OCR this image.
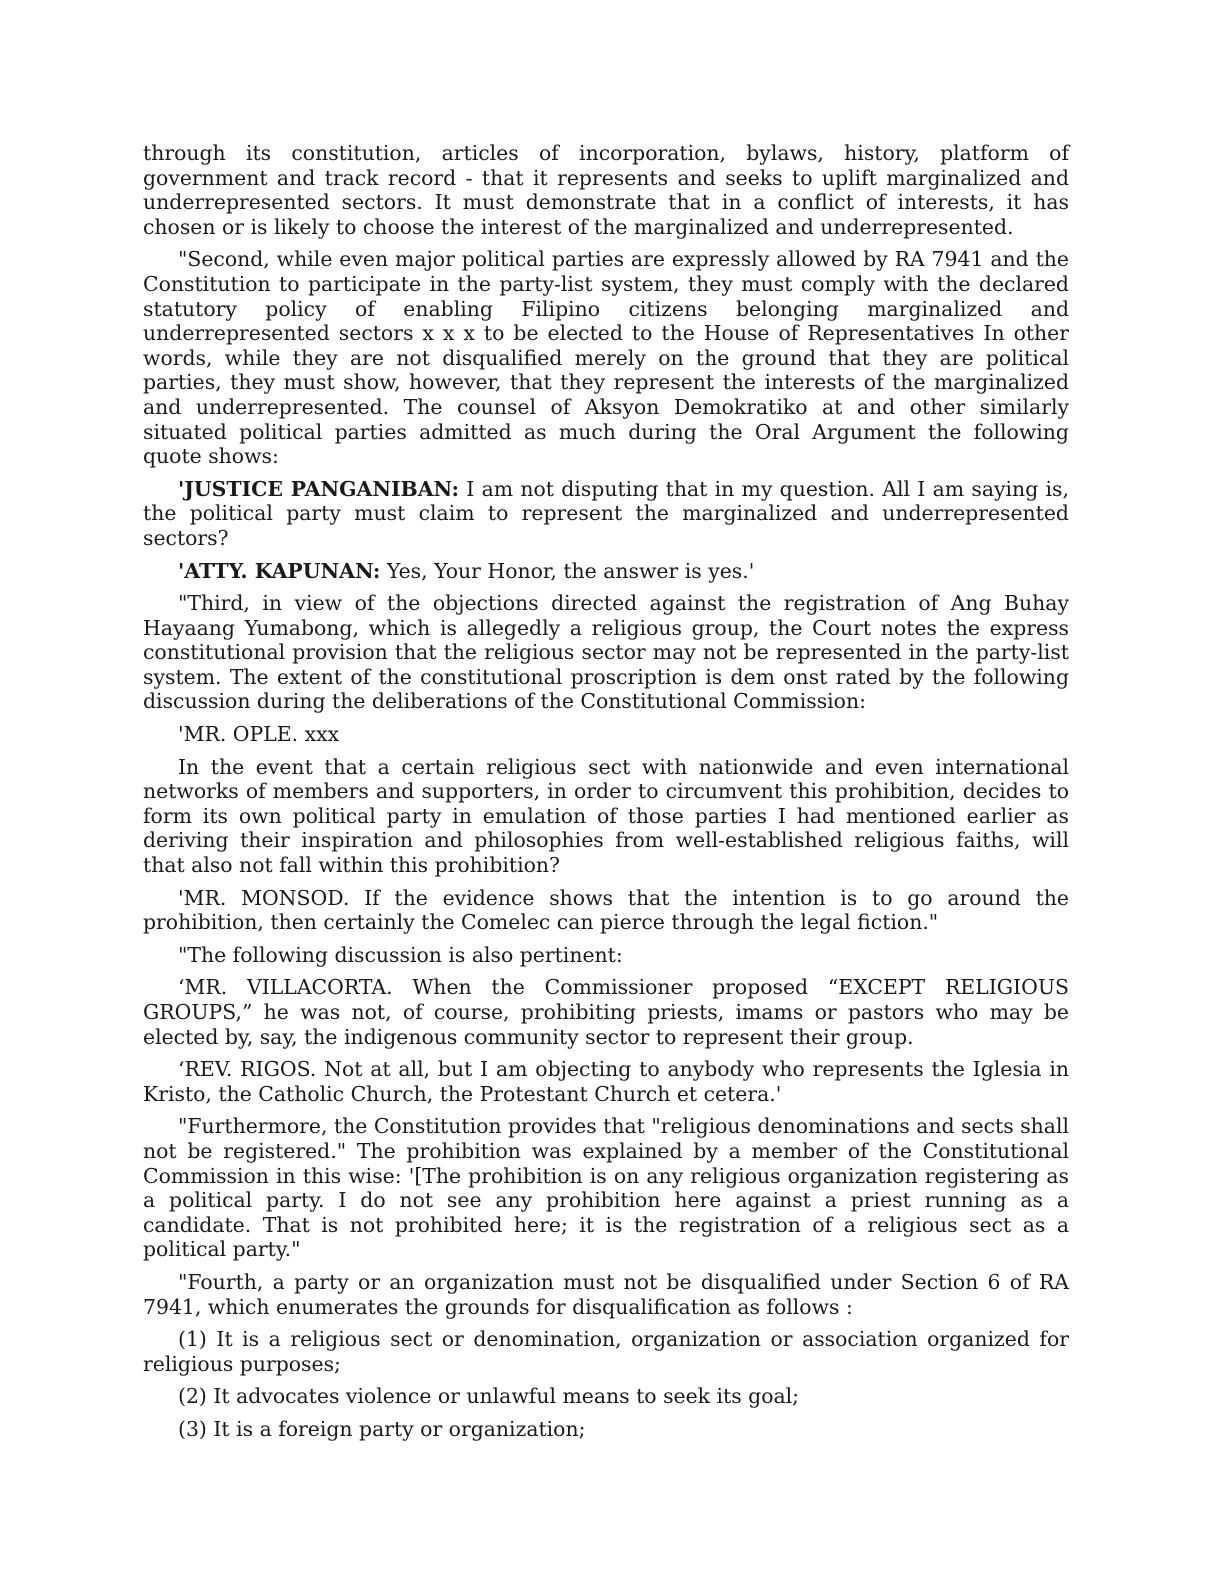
through its constitution, articles of incorporation, bylaws, history, platform of government and track record - that it represents and seeks to uplift marginalized and underrepresented sectors. It must demonstrate that in a conflict of interests, it has chosen or is likely to choose the interest of the marginalized and underrepresented.

"Second, while even major political parties are expressly allowed by RA 7941 and the Constitution to participate in the party-list system, they must comply with the declared statutory policy of enabling Filipino citizens belonging marginalized and underrepresented sectors x x x to be elected to the House of Representatives In other words, while they are not disqualified merely on the ground that they are political parties, they must show, however, that they represent the interests of the marginalized and underrepresented. The counsel of Aksyon Demokratiko at and other similarly situated political parties admitted as much during the Oral Argument the following quote shows:

'JUSTICE PANGANIBAN: I am not disputing that in my question. All I am saying is, the political party must claim to represent the marginalized and underrepresented sectors?

'ATTY. KAPUNAN: Yes, Your Honor, the answer is yes.'

"Third, in view of the objections directed against the registration of Ang Buhay Hayaang Yumabong, which is allegedly a religious group, the Court notes the express constitutional provision that the religious sector may not be represented in the party-list system. The extent of the constitutional proscription is dem onst rated by the following discussion during the deliberations of the Constitutional Commission:

'MR. OPLE. xxx

In the event that a certain religious sect with nationwide and even international networks of members and supporters, in order to circumvent this prohibition, decides to form its own political party in emulation of those parties I had mentioned earlier as deriving their inspiration and philosophies from well-established religious faiths, will that also not fall within this prohibition?

'MR. MONSOD. If the evidence shows that the intention is to go around the prohibition, then certainly the Comelec can pierce through the legal fiction."

"The following discussion is also pertinent:

‘MR. VILLACORTA. When the Commissioner proposed “EXCEPT RELIGIOUS GROUPS,” he was not, of course, prohibiting priests, imams or pastors who may be elected by, say, the indigenous community sector to represent their group.

‘REV. RIGOS. Not at all, but I am objecting to anybody who represents the Iglesia in Kristo, the Catholic Church, the Protestant Church et cetera.'

"Furthermore, the Constitution provides that "religious denominations and sects shall not be registered." The prohibition was explained by a member of the Constitutional Commission in this wise: '[The prohibition is on any religious organization registering as a political party. I do not see any prohibition here against a priest running as a candidate. That is not prohibited here; it is the registration of a religious sect as a political party."

"Fourth, a party or an organization must not be disqualified under Section 6 of RA 7941, which enumerates the grounds for disqualification as follows :

(1) It is a religious sect or denomination, organization or association organized for religious purposes;

(2) It advocates violence or unlawful means to seek its goal;

(3) It is a foreign party or organization;
